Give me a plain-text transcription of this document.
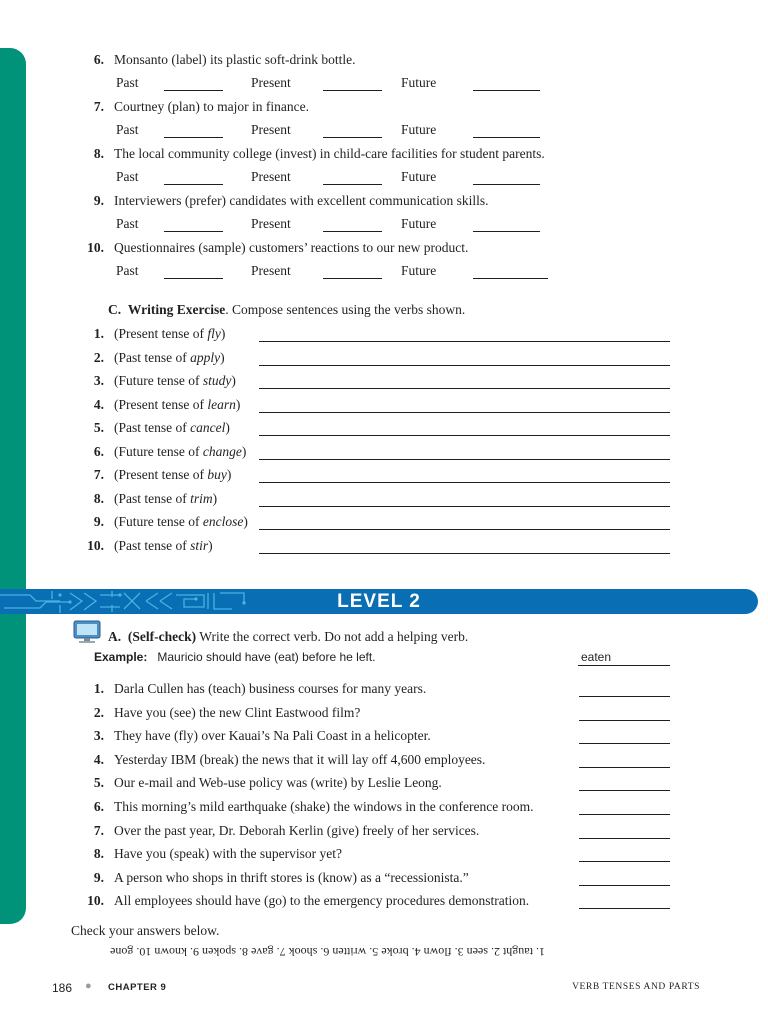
6. Monsanto (label) its plastic soft-drink bottle.
Past	Present	Future
7. Courtney (plan) to major in finance.
Past	Present	Future
8. The local community college (invest) in child-care facilities for student parents.
Past	Present	Future
9. Interviewers (prefer) candidates with excellent communication skills.
Past	Present	Future
10. Questionnaires (sample) customers’ reactions to our new product.
Past	Present	Future
C. Writing Exercise. Compose sentences using the verbs shown.
1. (Present tense of fly)
2. (Past tense of apply)
3. (Future tense of study)
4. (Present tense of learn)
5. (Past tense of cancel)
6. (Future tense of change)
7. (Present tense of buy)
8. (Past tense of trim)
9. (Future tense of enclose)
10. (Past tense of stir)
LEVEL 2
A. (Self-check) Write the correct verb. Do not add a helping verb.
Example: Mauricio should have (eat) before he left.	eaten
1. Darla Cullen has (teach) business courses for many years.
2. Have you (see) the new Clint Eastwood film?
3. They have (fly) over Kauai’s Na Pali Coast in a helicopter.
4. Yesterday IBM (break) the news that it will lay off 4,600 employees.
5. Our e-mail and Web-use policy was (write) by Leslie Leong.
6. This morning’s mild earthquake (shake) the windows in the conference room.
7. Over the past year, Dr. Deborah Kerlin (give) freely of her services.
8. Have you (speak) with the supervisor yet?
9. A person who shops in thrift stores is (know) as a “recessionista.”
10. All employees should have (go) to the emergency procedures demonstration.
Check your answers below.
1. taught 2. seen 3. flown 4. broke 5. written 6. shook 7. gave 8. spoken 9. known 10. gone
186 ● CHAPTER 9	VERB TENSES AND PARTS
